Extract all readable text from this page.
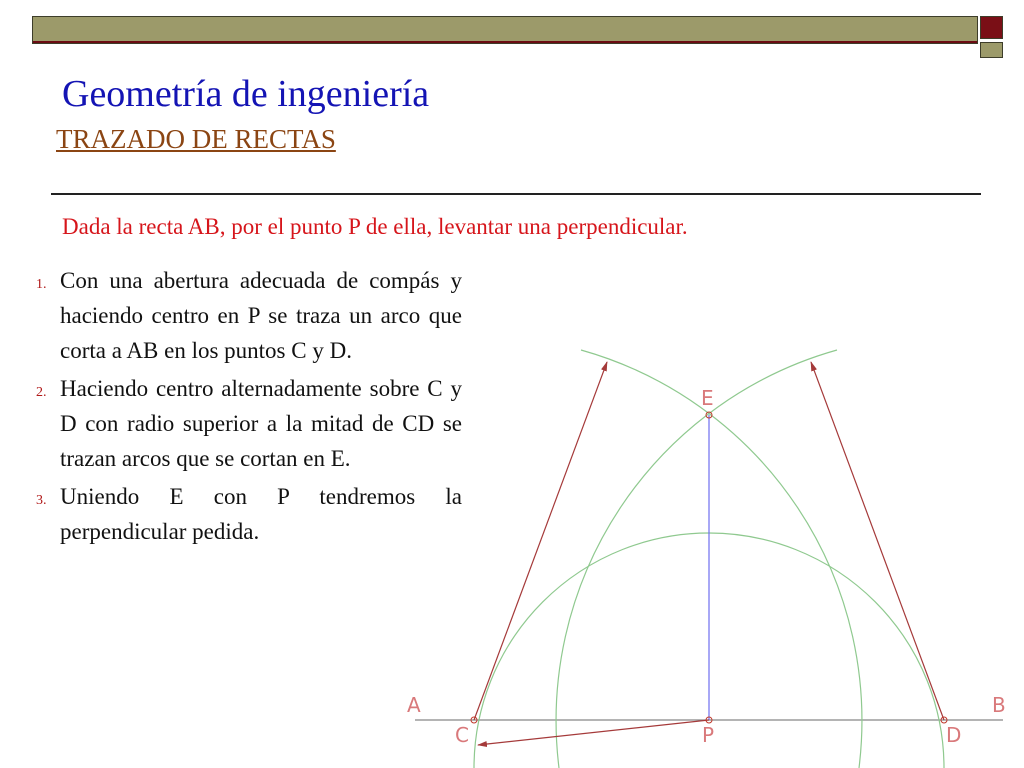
Geometría de ingeniería
TRAZADO DE RECTAS
Dada la recta AB, por el punto P de ella, levantar una perpendicular.
1. Con una abertura adecuada de compás y haciendo centro en P se traza un arco que corta a AB en los puntos C y D.
2. Haciendo centro alternadamente sobre C y D con radio superior a la mitad de CD se trazan arcos que se cortan en E.
3. Uniendo E con P tendremos la perpendicular pedida.
E
A	B
C	P	D
